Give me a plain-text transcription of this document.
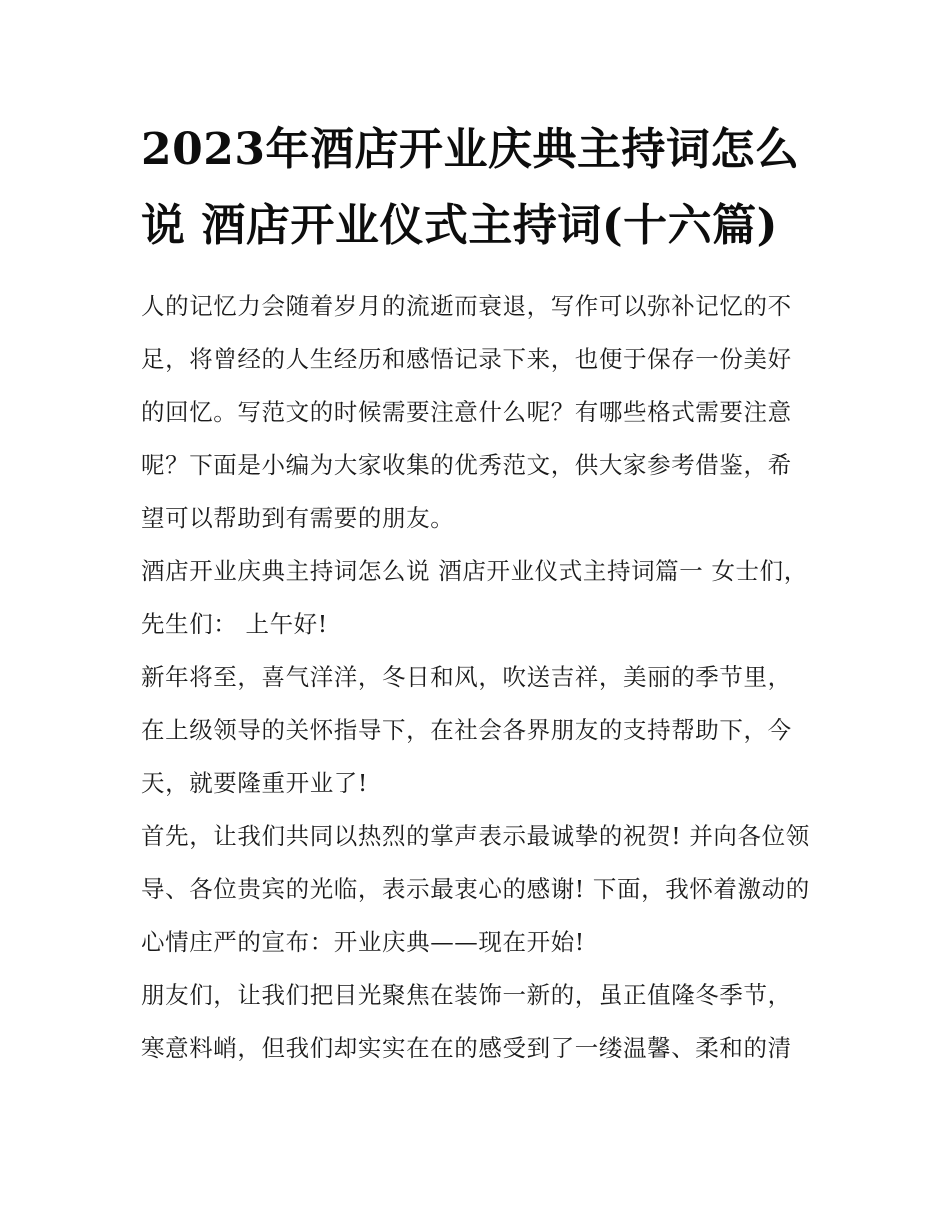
2023年酒店开业庆典主持词怎么说 酒店开业仪式主持词(十六篇)

人的记忆力会随着岁月的流逝而衰退，写作可以弥补记忆的不足，将曾经的人生经历和感悟记录下来，也便于保存一份美好的回忆。写范文的时候需要注意什么呢？有哪些格式需要注意呢？下面是小编为大家收集的优秀范文，供大家参考借鉴，希望可以帮助到有需要的朋友。

酒店开业庆典主持词怎么说 酒店开业仪式主持词篇一 女士们，先生们： 上午好!

新年将至，喜气洋洋，冬日和风，吹送吉祥，美丽的季节里，在上级领导的关怀指导下，在社会各界朋友的支持帮助下，今天，就要隆重开业了!

首先，让我们共同以热烈的掌声表示最诚挚的祝贺! 并向各位领导、各位贵宾的光临，表示最衷心的感谢! 下面，我怀着激动的心情庄严的宣布：开业庆典——现在开始!

朋友们，让我们把目光聚焦在装饰一新的，虽正值隆冬季节，寒意料峭，但我们却实实在在的感受到了一缕温馨、柔和的清
